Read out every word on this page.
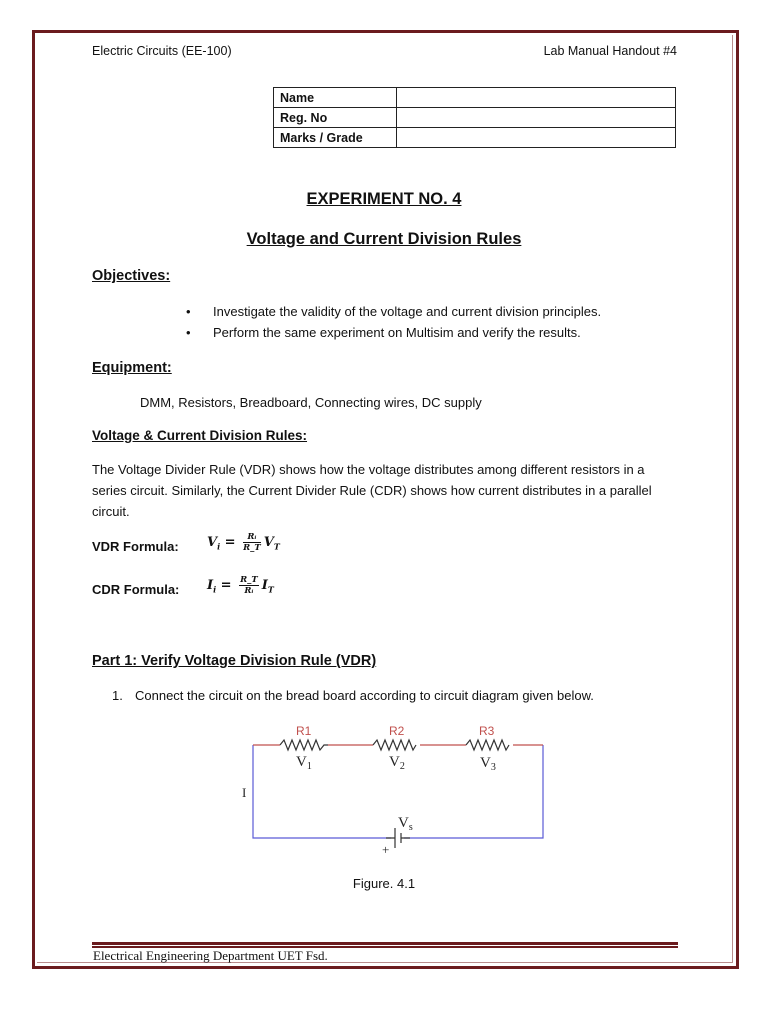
Electric Circuits (EE-100)	Lab Manual Handout #4
Name	
Reg. No	
Marks / Grade	
EXPERIMENT NO. 4
Voltage and Current Division Rules
Objectives:
• Investigate the validity of the voltage and current division principles.
• Perform the same experiment on Multisim and verify the results.
Equipment:
DMM, Resistors, Breadboard, Connecting wires, DC supply
Voltage & Current Division Rules:
The Voltage Divider Rule (VDR) shows how the voltage distributes among different resistors in a series circuit. Similarly, the Current Divider Rule (CDR) shows how current distributes in a parallel circuit.
VDR Formula: $V_i = \frac{\text{Rᵢ}}{R\_T} V_T$
CDR Formula: $I_i = \frac{R\_T}{\text{Rᵢ}} I_T$
Part 1: Verify Voltage Division Rule (VDR)
1. Connect the circuit on the bread board according to circuit diagram given below.
R1	R2	R3
$V_1$	$V_2$	$V_3$
I
$V_s$
+
Figure. 4.1
Electrical Engineering Department UET Fsd.
